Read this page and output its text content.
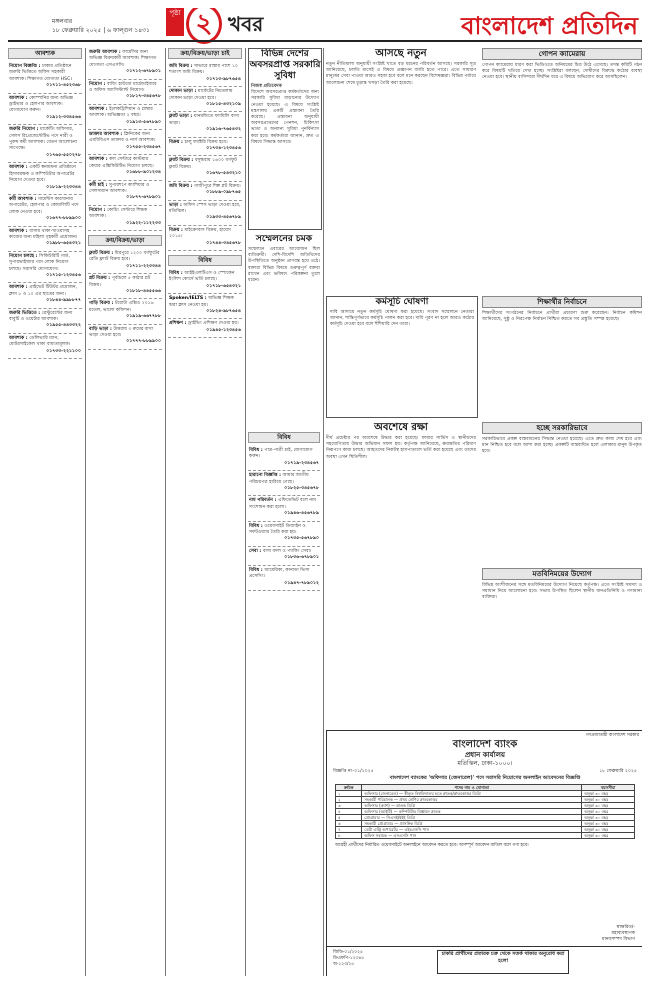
মঙ্গলবার
১৮ ফেব্রুয়ারি ২০২৫ | ৬ ফাল্গুন ১৪৩১
পৃষ্ঠা ২ খবর	বাংলাদেশ প্রতিদিন
আবশ্যক
নিয়োগ বিজ্ঞপ্তি : ঢাকার প্রতিষ্ঠানে জরুরি ভিত্তিতে অফিস সহকারী আবশ্যক। শিক্ষাগত যোগ্যতা HSC।
০১৭১১-৪৫২৩৬৮
আবশ্যক : কোম্পানির জন্য অভিজ্ঞ ড্রাইভার ও হেলপার আবশ্যক। যোগাযোগ করুন।
০১৯১২-৩৩৪৫৬৬
জরুরি নিয়োগ : মার্কেটিং অফিসার, সেলস রিপ্রেজেন্টেটিভ পদে নারী ও পুরুষ কর্মী আবশ্যক। বেতন আলোচনা সাপেক্ষে।
০১৭৬৫-৫৫০২৭৮
আবশ্যক : একটি স্বনামধন্য প্রতিষ্ঠানে হিসাবরক্ষক ও কম্পিউটার অপারেটর নিয়োগ দেওয়া হবে।
০১৮১৯-২২৩৩৪৪
কর্মী আবশ্যক : গার্মেন্টস কারখানায় অপারেটর, হেলপার ও কোয়ালিটি পদে লোক নেওয়া হবে।
০১৬৭৭-৮৮৯৯০০
আবশ্যক : বাসায় থাকা-খাওয়াসহ কাজের জন্য মহিলা গৃহকর্মী প্রয়োজন।
০১৯৮৮-৬৫৪৩২১
নিয়োগ চলছে : সিকিউরিটি গার্ড, সুপারভাইজার পদে লোক নিয়োগ চলছে। সরাসরি যোগাযোগ।
০১৭১৫-১২৩৪৫৬
আবশ্যক : প্রাইভেট টিউটর প্রয়োজন, ক্লাস ৮ ও ১০ এর ছাত্রের জন্য।
০১৮৪৪-৯৯৮৮৭৭
জরুরি ভিত্তিতে : রেস্টুরেন্টের জন্য বাবুর্চি ও ওয়েটার আবশ্যক।
০১৯৫৫-৪৪৩৩২২
আবশ্যক : ডেলিভারি ম্যান, মোটরসাইকেল থাকা বাধ্যতামূলক।
০১৭৩৩-২২১১০০
জরুরি আবশ্যক : ফার্মেসির জন্য অভিজ্ঞ বিক্রয়কর্মী আবশ্যক। শিক্ষাগত যোগ্যতা এসএসসি।
০১৭১২-৬৭৮৯০১
নিয়োগ : বায়িং হাউজে মার্চেন্ডাইজার ও অফিস অ্যাসিস্ট্যান্ট নিয়োগ।
০১৮১৭-৩৪৫৬৭৮
আবশ্যক : ইলেকট্রিশিয়ান ও প্লাম্বার আবশ্যক। অভিজ্ঞতা ২ বছর।
০১৯১৩-৫৬৭৮৯০
ডাক্তার আবশ্যক : ক্লিনিকের জন্য এমবিবিএস ডাক্তার ও নার্স আবশ্যক।
০১৭৫৫-২৩৪৫৬৭
আবশ্যক : কল সেন্টারে কাস্টমার কেয়ার এক্সিকিউটিভ নিয়োগ চলছে।
০১৬৮৮-৯০১২৩৪
কর্মী চাই : সুপারশপে ক্যাশিয়ার ও সেলসম্যান আবশ্যক।
০১৮৭৭-৬৭৮৯০১
নিয়োগ : কোচিং সেন্টারে শিক্ষক আবশ্যক।
০১৯২২-১১২২৩৩
ক্রয়/বিক্রয়/ভাড়া
ফ্ল্যাট বিক্রয় : মিরপুরে ১২০০ বর্গফুটের রেডি ফ্ল্যাট বিক্রয় হবে।
০১৭১১-২২৩৩৪৪
প্লট বিক্রয় : পূর্বাচলে ৫ কাঠার প্লট বিক্রয়।
০১৮১৮-৪৪৫৫৬৬
গাড়ি বিক্রয় : টয়োটা এক্সিও ২০১৬ মডেল, ভালো কন্ডিশন।
০১৯১৯-৬৬৭৭৮৮
বাড়ি ভাড়া : উত্তরায় ৩ রুমের বাসা ভাড়া দেওয়া হবে।
০১৭৭৭-৮৮৯৯০০
ক্রয়/বিক্রয়/ভাড়া চাই
জমি বিক্রয় : সাভারে রাস্তার পাশে ১০ শতাংশ জমি বিক্রয়।
০১৭১৩-৯৮৭৬৫৪
দোকান ভাড়া : মার্কেটের নিচতলায় দোকান ভাড়া দেওয়া হবে।
০১৮১৫-৪৩২১০৯
ফ্ল্যাট ভাড়া : ধানমন্ডিতে ফ্যামিলি বাসা ভাড়া।
০১৯১৬-৭৬৫৪৩২
বিক্রয় : চালু ফ্যাক্টরি বিক্রয় হবে।
০১৭৩৪-১২৩৪৫৬
ফ্ল্যাট বিক্রয় : বসুন্ধরায় ১৬০০ বর্গফুট ফ্ল্যাট বিক্রয়।
০১৬৭৮-৫৪৩২১০
জমি বিক্রয় : গাজীপুরে শিল্প প্লট বিক্রয়।
০১৮৮৯-০৯৮৭৬৫
ভাড়া : অফিস স্পেস ভাড়া দেওয়া হবে, মতিঝিল।
০১৯৩৩-৪৫৬৭৮৯
বিক্রয় : মাইক্রোবাস বিক্রয়, হায়েস ২০১৫।
০১৭৪৪-৩৪৫৬৭৮
বিবিধ
বিবিধ : আইইএলটিএস ও স্পোকেন ইংলিশ কোর্সে ভর্তি চলছে।
০১৭১৮-৬৫৪৩২১
Spoken/IELTS : অভিজ্ঞ শিক্ষক দ্বারা ক্লাস নেওয়া হয়।
০১৮২৪-৯৮৭৬৫৪
প্রশিক্ষণ : ড্রাইভিং প্রশিক্ষণ দেওয়া হয়।
০১৯৪৫-১২৩৪৫৬
বিভিন্ন দেশের অবসরপ্রাপ্ত সরকারি সুবিধা
নিজস্ব প্রতিবেদক
বিদেশে অবসরপ্রাপ্ত কর্মকর্তাদের জন্য সরকারি সুবিধা বাড়ানোর উদ্যোগ নেওয়া হয়েছে। এ বিষয়ে সংশ্লিষ্ট মন্ত্রণালয় একটি প্রস্তাবনা তৈরি করেছে। প্রস্তাবনা অনুযায়ী অবসরপ্রাপ্তদের পেনশন, চিকিৎসা ভাতা ও অন্যান্য সুবিধা পুনর্বিন্যাস করা হবে। কর্মকর্তারা জানান, দ্রুত এ বিষয়ে সিদ্ধান্ত আসবে।
সম্মেলনের চমক
সম্মেলনে এবারের আয়োজন ছিল ব্যতিক্রমী। দেশি-বিদেশি অতিথিদের উপস্থিতিতে অনুষ্ঠান প্রাণবন্ত হয়ে ওঠে। বক্তারা বিভিন্ন বিষয়ে গুরুত্বপূর্ণ বক্তব্য রাখেন এবং ভবিষ্যৎ পরিকল্পনা তুলে ধরেন।
বিবিধ
বিবিধ : পাত্র-পাত্রী চাই, যোগাযোগ করুন।
০১৭১৯-২৩৪৫৬৭
হারানো বিজ্ঞপ্তি : আমার জাতীয় পরিচয়পত্র হারিয়ে গেছে।
০১৮২৫-৩৪৫৬৭৮
নাম পরিবর্তন : এফিডেভিট বলে নাম সংশোধন করা হলো।
০১৯৪৬-৪৫৬৭৮৯
বিবিধ : ওয়েবসাইট ডিজাইন ও সফটওয়্যার তৈরি করা হয়।
০১৭৩৫-৫৬৭৮৯০
সেবা : বাসা বদল ও প্যাকিং সেবা।
০১৮৩৬-৬৭৮৯০১
বিবিধ : আমেরিকা, কানাডা ভিসা প্রসেসিং।
০১৯৪৭-৭৮৯০১২
আসছে নতুন
নতুন নীতিমালা অনুযায়ী সংশ্লিষ্ট খাতে বড় ধরনের পরিবর্তন আসছে। সরকারি সূত্র জানিয়েছে, চলতি মাসেই এ বিষয়ে প্রজ্ঞাপন জারি হতে পারে। এতে সাধারণ মানুষের সেবা পাওয়া আরও সহজ হবে বলে মনে করছেন বিশেষজ্ঞরা। বিভিন্ন পর্যায়ে আলোচনা শেষে চূড়ান্ত খসড়া তৈরি করা হয়েছে।
গোপন ক্যামেরায়
গোপন ক্যামেরায় ধারণ করা ভিডিওতে অনিয়মের চিত্র উঠে এসেছে। তদন্ত কমিটি গঠন করে বিষয়টি খতিয়ে দেখা হচ্ছে। সংশ্লিষ্টরা বলছেন, দোষীদের বিরুদ্ধে কঠোর ব্যবস্থা নেওয়া হবে। স্থানীয় বাসিন্দারা দীর্ঘদিন ধরে এ বিষয়ে অভিযোগ করে আসছিলেন।
কর্মসূচি ঘোষণা
দাবি আদায়ে নতুন কর্মসূচি ঘোষণা করা হয়েছে। সংবাদ সম্মেলনে নেতারা জানান, শান্তিপূর্ণভাবে কর্মসূচি পালন করা হবে। দাবি পূরণ না হলে আরও কঠোর কর্মসূচি দেওয়া হবে বলে হুঁশিয়ারি দেন তারা।
শিক্ষার্থীর নির্বাচনে
শিক্ষার্থীদের সংগঠনের নির্বাচনে প্রার্থীরা প্রচারণা শুরু করেছেন। নির্বাচন কমিশন জানিয়েছে, সুষ্ঠু ও নিরপেক্ষ নির্বাচন নিশ্চিত করতে সব প্রস্তুতি সম্পন্ন হয়েছে।
অবশেষে রক্ষা
দীর্ঘ প্রচেষ্টার পর অবশেষে উদ্ধার করা হয়েছে। ফায়ার সার্ভিস ও স্থানীয়দের সহযোগিতায় উদ্ধার অভিযান সফল হয়। কর্তৃপক্ষ জানিয়েছে, ক্ষয়ক্ষতির পরিমাণ নিরূপণে কাজ চলছে। আহতদের নিকটস্থ হাসপাতালে ভর্তি করা হয়েছে এবং তাদের অবস্থা এখন স্থিতিশীল।
হচ্ছে সরকারিভাবে
সরকারিভাবে প্রকল্প বাস্তবায়নের সিদ্ধান্ত নেওয়া হয়েছে। এতে দ্রুত কাজ শেষ হবে এবং মান নিশ্চিত হবে বলে আশা করা হচ্ছে। প্রকল্পটি বাস্তবায়িত হলে এলাকার মানুষ উপকৃত হবে।
মতবিনিময়ের উদ্যোগ
বিভিন্ন অংশীজনের সঙ্গে মতবিনিময়ের উদ্যোগ নিয়েছে কর্তৃপক্ষ। এতে সংশ্লিষ্ট সমস্যা ও সমাধান নিয়ে আলোচনা হবে। সভায় উপস্থিত ছিলেন স্থানীয় জনপ্রতিনিধি ও গণ্যমান্য ব্যক্তিরা।
গণপ্রজাতন্ত্রী বাংলাদেশ সরকার
বাংলাদেশ ব্যাংক
প্রধান কার্যালয়
মতিঝিল, ঢাকা-১০০০।
বিজ্ঞপ্তি নং-০১/২০২৫	১৮ ফেব্রুয়ারি ২০২৫
বাংলাদেশ ব্যাংকের 'অফিসার (জেনারেল)' পদে সরাসরি নিয়োগের অনলাইন আবেদনের বিজ্ঞপ্তি
ক্রমিক	পদের নাম ও যোগ্যতা	বয়সসীমা
১	অফিসার (জেনারেল) — স্বীকৃত বিশ্ববিদ্যালয় হতে স্নাতক/স্নাতকোত্তর ডিগ্রি	অনূর্ধ্ব ৩০ বছর
২	সহকারী পরিচালক — প্রথম শ্রেণির স্নাতকোত্তর	অনূর্ধ্ব ৩০ বছর
৩	অফিসার (ক্যাশ) — স্নাতক ডিগ্রি	অনূর্ধ্ব ৩০ বছর
৪	অফিসার (আইটি) — কম্পিউটার বিজ্ঞানে স্নাতক	অনূর্ধ্ব ৩০ বছর
৫	প্রোগ্রামার — সিএসই/ইইই ডিগ্রি	অনূর্ধ্ব ৩০ বছর
৬	সহকারী প্রোগ্রামার — প্রাসঙ্গিক ডিগ্রি	অনূর্ধ্ব ৩০ বছর
৭	ডেটা এন্ট্রি অপারেটর — এইচএসসি পাস	অনূর্ধ্ব ৩০ বছর
৮	অফিস সহায়ক — এসএসসি পাস	অনূর্ধ্ব ৩০ বছর
আগ্রহী প্রার্থীদের নির্ধারিত ওয়েবসাইটে অনলাইনে আবেদন করতে হবে। অসম্পূর্ণ আবেদন বাতিল বলে গণ্য হবে।
স্বাক্ষরিত/-
মহাব্যবস্থাপক
মানবসম্পদ বিভাগ
জিডি-০১/২০২৫
ডিএফপি-১২৩৪৫
অ-১২৩/২৫
চাকরি প্রার্থীদের প্রতারক চক্র থেকে সতর্ক থাকার অনুরোধ করা হলো
